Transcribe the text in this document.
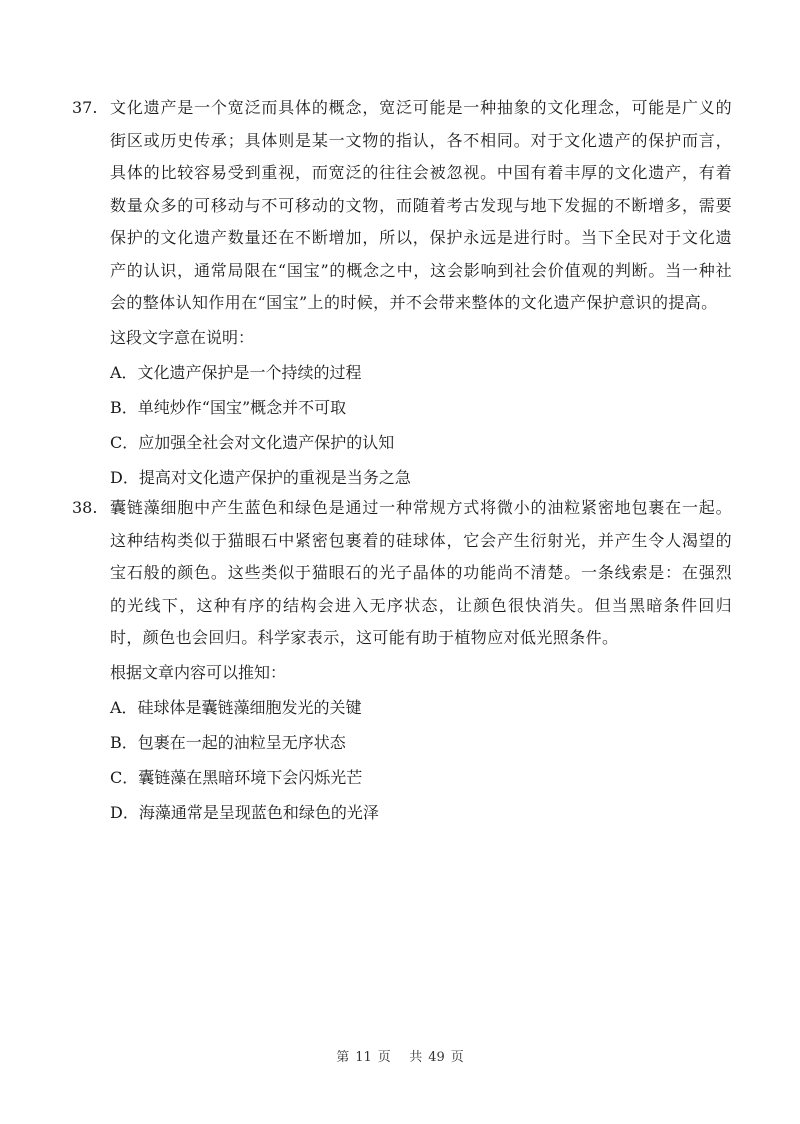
37. 文化遗产是一个宽泛而具体的概念，宽泛可能是一种抽象的文化理念，可能是广义的街区或历史传承；具体则是某一文物的指认，各不相同。对于文化遗产的保护而言，具体的比较容易受到重视，而宽泛的往往会被忽视。中国有着丰厚的文化遗产，有着数量众多的可移动与不可移动的文物，而随着考古发现与地下发掘的不断增多，需要保护的文化遗产数量还在不断增加，所以，保护永远是进行时。当下全民对于文化遗产的认识，通常局限在“国宝”的概念之中，这会影响到社会价值观的判断。当一种社会的整体认知作用在“国宝”上的时候，并不会带来整体的文化遗产保护意识的提高。
这段文字意在说明：
A．文化遗产保护是一个持续的过程
B．单纯炒作“国宝”概念并不可取
C．应加强全社会对文化遗产保护的认知
D．提高对文化遗产保护的重视是当务之急
38. 囊链藻细胞中产生蓝色和绿色是通过一种常规方式将微小的油粒紧密地包裹在一起。这种结构类似于猫眼石中紧密包裹着的硅球体，它会产生衍射光，并产生令人渴望的宝石般的颜色。这些类似于猫眼石的光子晶体的功能尚不清楚。一条线索是：在强烈的光线下，这种有序的结构会进入无序状态，让颜色很快消失。但当黑暗条件回归时，颜色也会回归。科学家表示，这可能有助于植物应对低光照条件。
根据文章内容可以推知：
A．硅球体是囊链藻细胞发光的关键
B．包裹在一起的油粒呈无序状态
C．囊链藻在黑暗环境下会闪烁光芒
D．海藻通常是呈现蓝色和绿色的光泽
第 11 页 共 49 页
